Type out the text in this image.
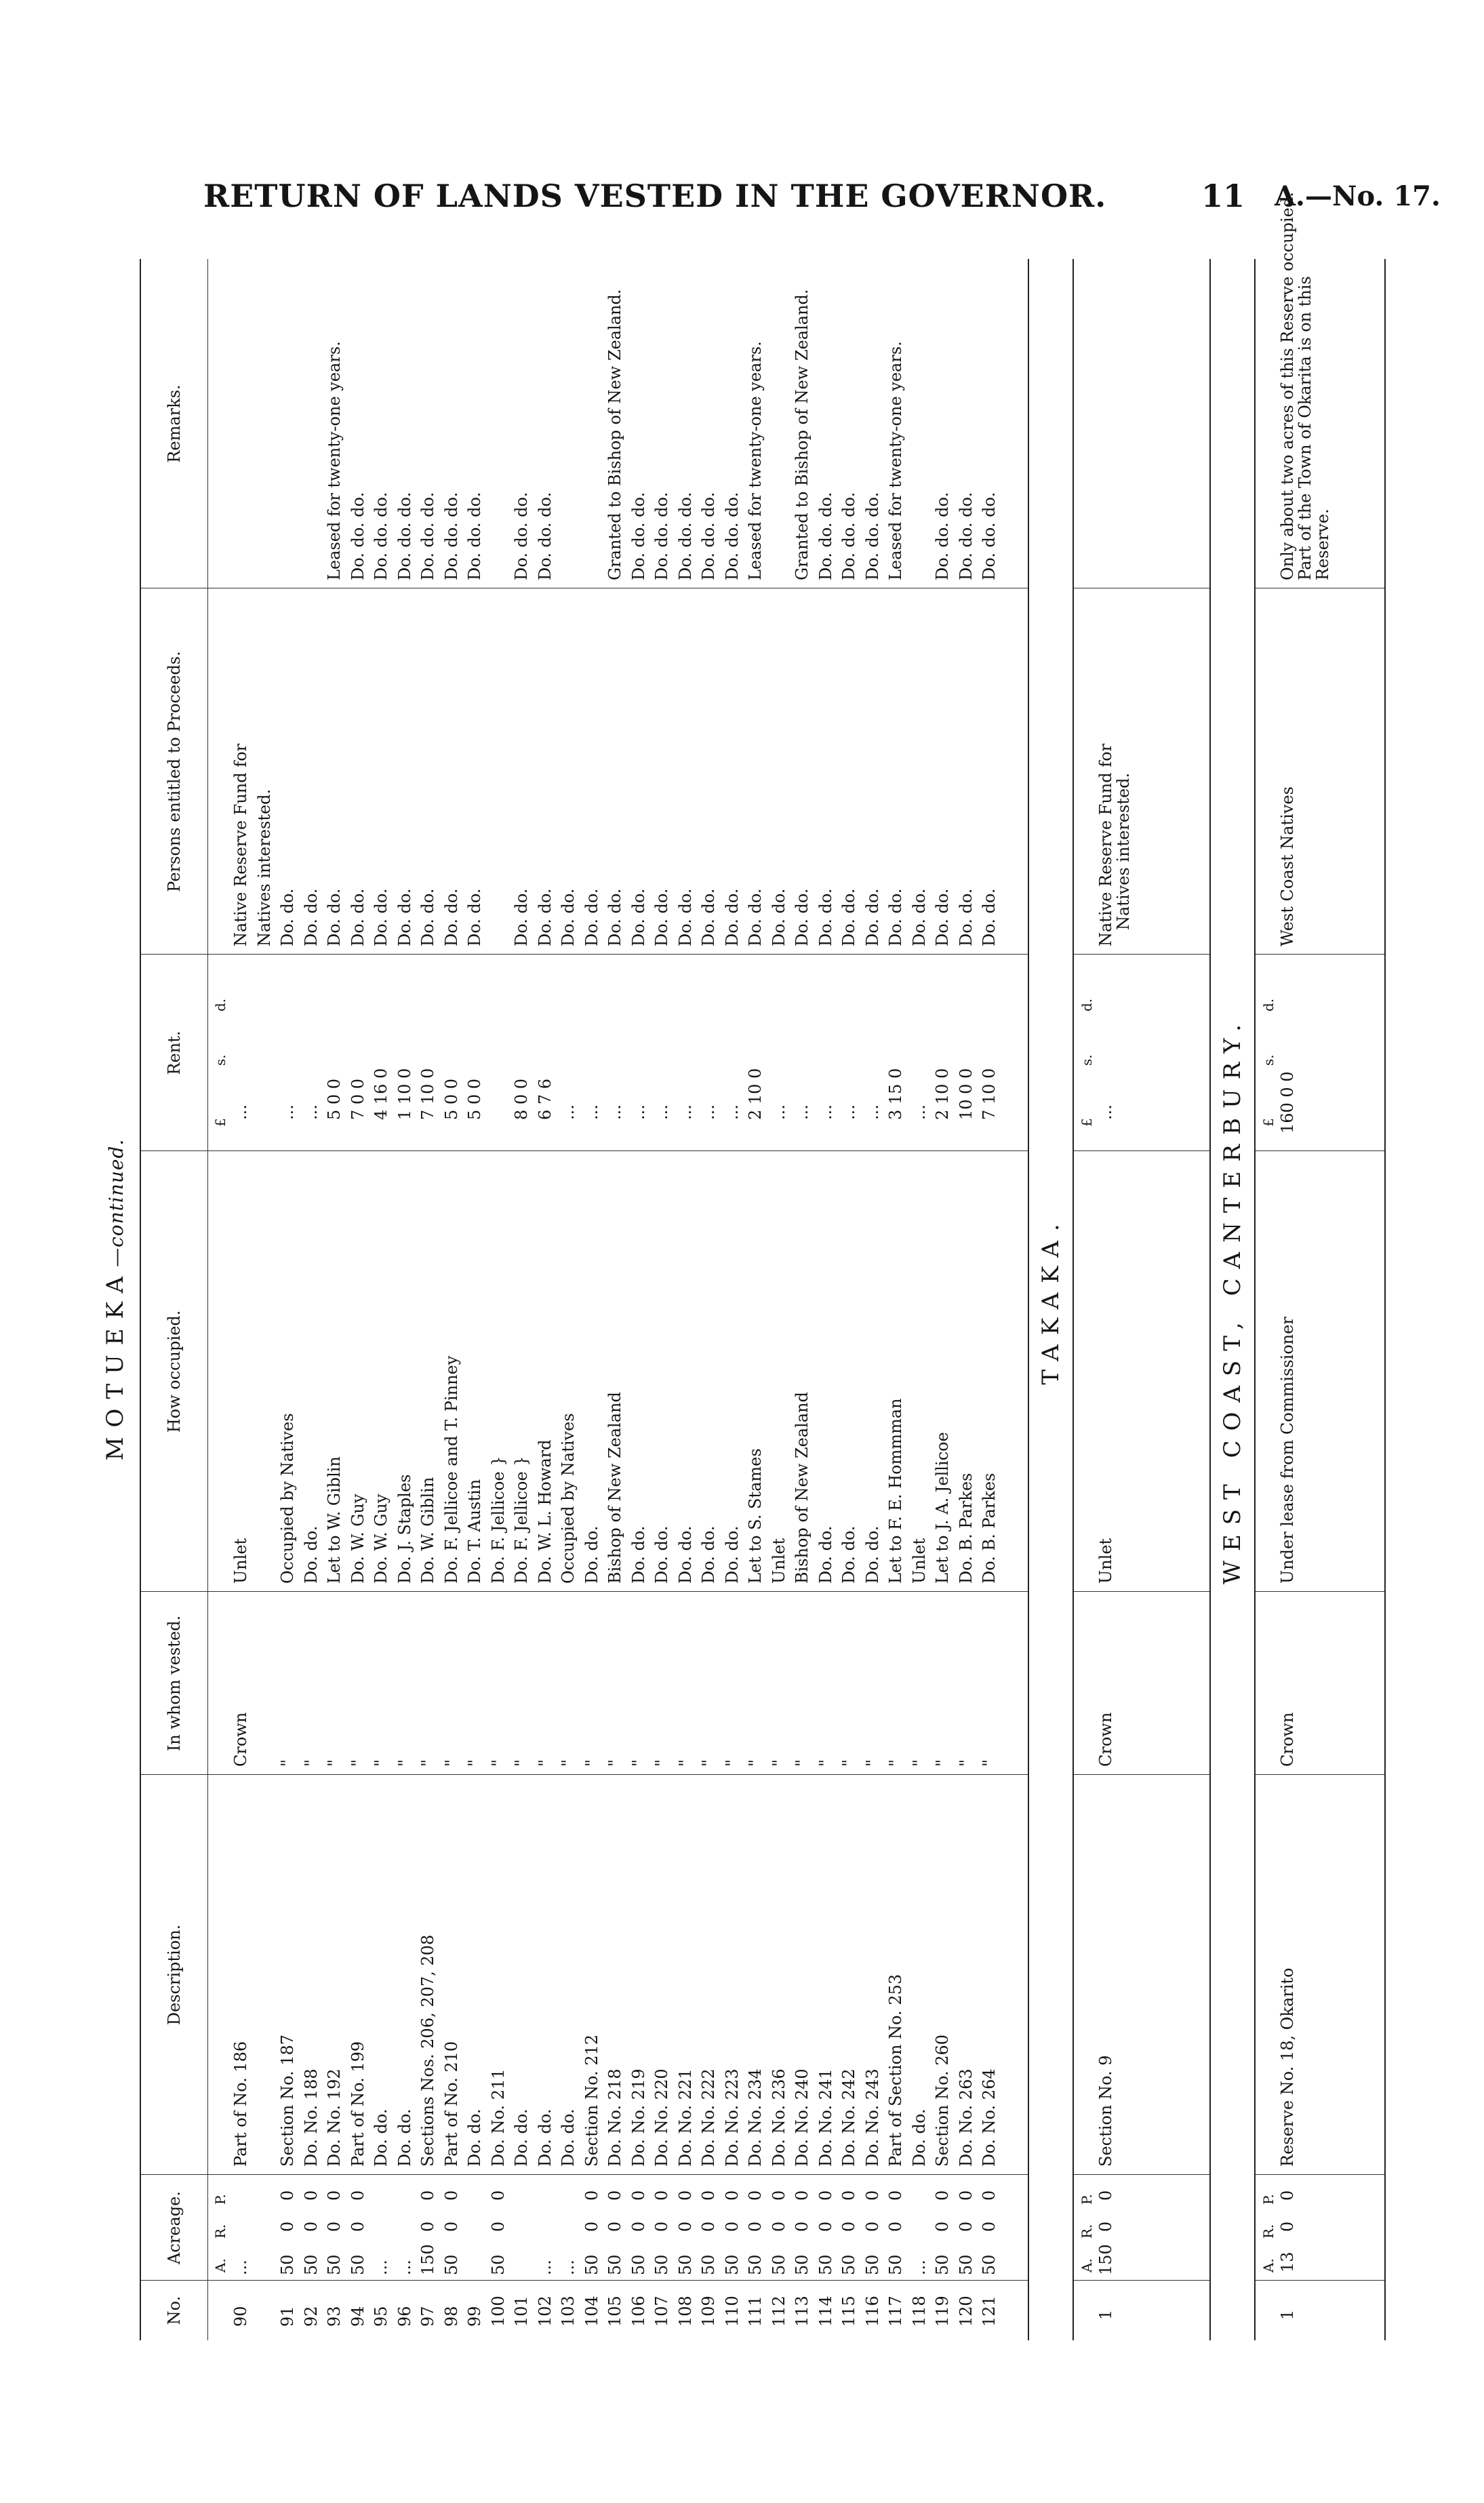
RETURN OF LANDS VESTED IN THE GOVERNOR.	11 A.—No. 17.
MOTUEKA—continued.
No.
Acreage.
Description.
In whom vested.
How occupied.
Rent.
Persons entitled to Proceeds.
Remarks.
A.
R.
P.
£
s.
d.
90
...
Part of No. 186
Crown
Unlet
...
Native Reserve Fund for Natives interested.
91
50
0
0
Section No. 187
"
Occupied by Natives
...
Do. do.
92
50
0
0
Do. No. 188
"
Do. do.
...
Do. do.
93
50
0
0
Do. No. 192
"
Let to W. Giblin
5 0 0
Do. do.
Leased for twenty-one years.
94
50
0
0
Part of No. 199
"
Do. W. Guy
7 0 0
Do. do.
Do. do. do.
95
...
Do. do.
"
Do. W. Guy
4 16 0
Do. do.
Do. do. do.
96
...
Do. do.
"
Do. J. Staples
1 10 0
Do. do.
Do. do. do.
97
150
0
0
Sections Nos. 206, 207, 208
"
Do. W. Giblin
7 10 0
Do. do.
Do. do. do.
98
50
0
0
Part of No. 210
"
Do. F. Jellicoe and T. Pinney
5 0 0
Do. do.
Do. do. do.
99
Do. do.
"
Do. T. Austin
5 0 0
Do. do.
Do. do. do.
100
50
0
0
Do. No. 211
"
Do. F. Jellicoe }
101
Do. do.
"
Do. F. Jellicoe }
8 0 0
Do. do.
Do. do. do.
102
...
Do. do.
"
Do. W. L. Howard
6 7 6
Do. do.
Do. do. do.
103
...
Do. do.
"
Occupied by Natives
...
Do. do.
104
50
0
0
Section No. 212
"
Do. do.
...
Do. do.
105
50
0
0
Do. No. 218
"
Bishop of New Zealand
...
Do. do.
Granted to Bishop of New Zealand.
106
50
0
0
Do. No. 219
"
Do. do.
...
Do. do.
Do. do. do.
107
50
0
0
Do. No. 220
"
Do. do.
...
Do. do.
Do. do. do.
108
50
0
0
Do. No. 221
"
Do. do.
...
Do. do.
Do. do. do.
109
50
0
0
Do. No. 222
"
Do. do.
...
Do. do.
Do. do. do.
110
50
0
0
Do. No. 223
"
Do. do.
...
Do. do.
Do. do. do.
111
50
0
0
Do. No. 234
"
Let to S. Stames
2 10 0
Do. do.
Leased for twenty-one years.
112
50
0
0
Do. No. 236
"
Unlet
...
Do. do.
113
50
0
0
Do. No. 240
"
Bishop of New Zealand
...
Do. do.
Granted to Bishop of New Zealand.
114
50
0
0
Do. No. 241
"
Do. do.
...
Do. do.
Do. do. do.
115
50
0
0
Do. No. 242
"
Do. do.
...
Do. do.
Do. do. do.
116
50
0
0
Do. No. 243
"
Do. do.
...
Do. do.
Do. do. do.
117
50
0
0
Part of Section No. 253
"
Let to F. E. Hommman
3 15 0
Do. do.
Leased for twenty-one years.
118
...
Do. do.
"
Unlet
...
Do. do.
119
50
0
0
Section No. 260
"
Let to J. A. Jellicoe
2 10 0
Do. do.
Do. do. do.
120
50
0
0
Do. No. 263
"
Do. B. Parkes
10 0 0
Do. do.
Do. do. do.
121
50
0
0
Do. No. 264
"
Do. B. Parkes
7 10 0
Do. do.
Do. do. do.
TAKAKA.
A.
R.
P.
£
s.
d.
1
150
0
0
Section No. 9
Crown
Unlet
...
Native Reserve Fund for
Natives interested.
WEST COAST, CANTERBURY.
A.
R.
P.
£
s.
d.
1
13
0
0
Reserve No. 18, Okarito
Crown
Under lease from Commissioner
160 0 0
West Coast Natives
Only about two acres of this Reserve occupied.
Part of the Town of Okarita is on this
Reserve.
